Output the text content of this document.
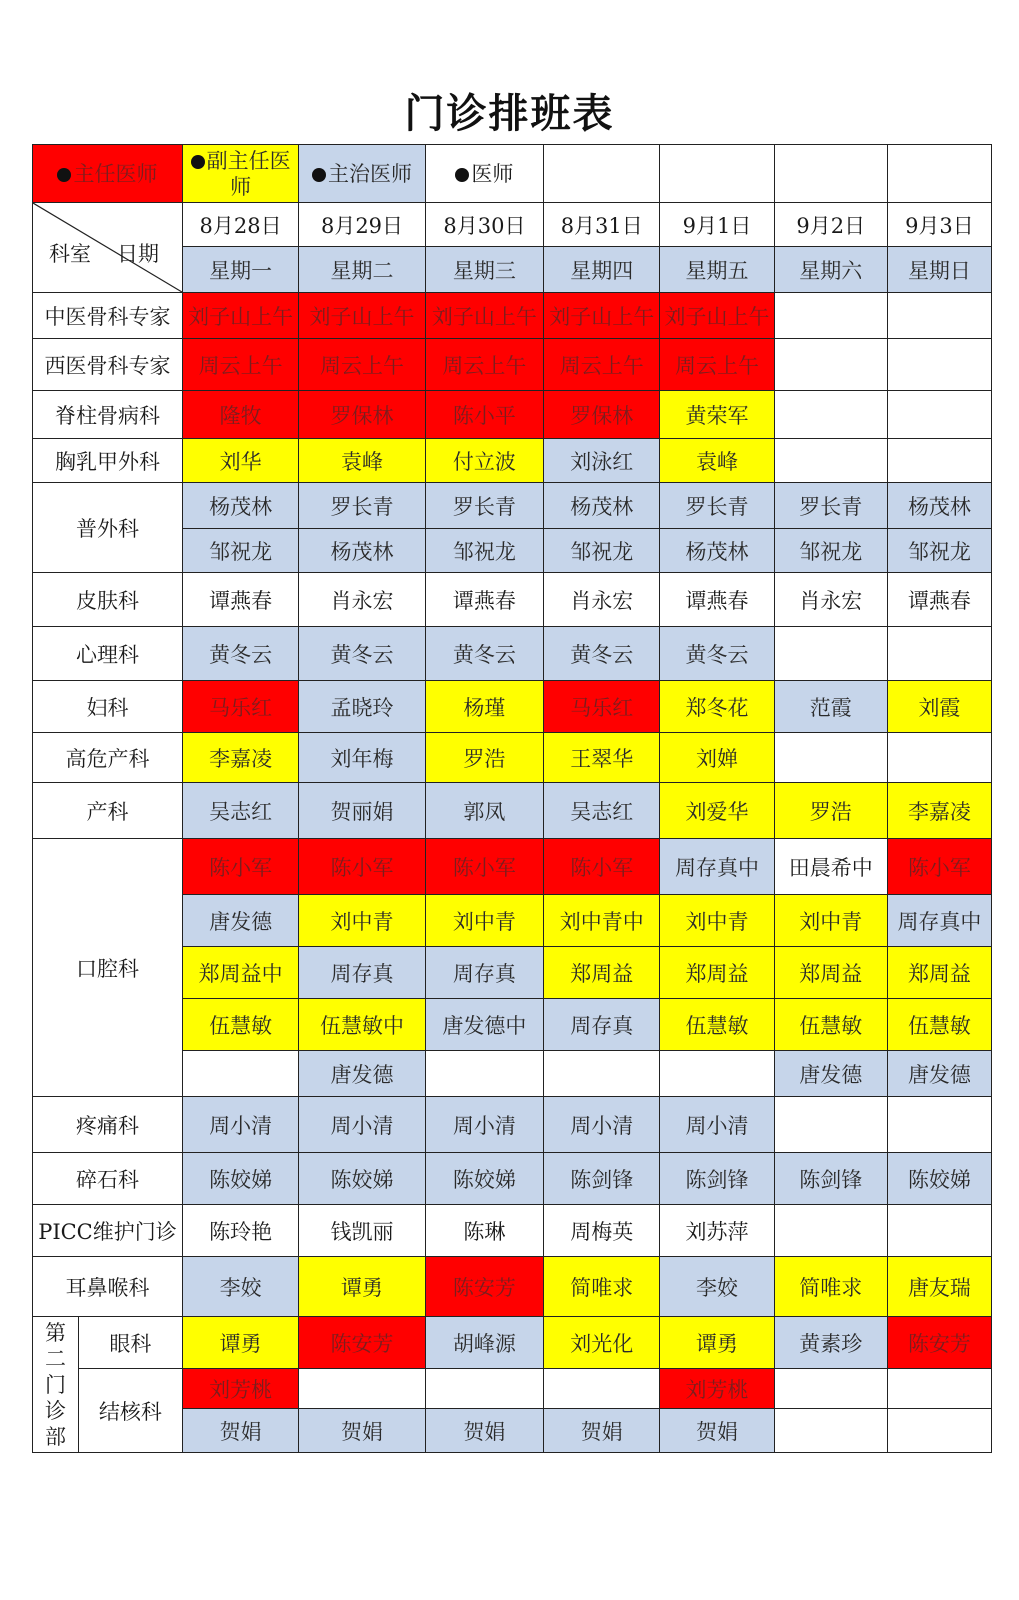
门诊排班表
主任医师		副主任医师	主治医师	医师				

科室 日期		8月28日	8月29日	8月30日	8月31日	9月1日	9月2日	9月3日
		星期一	星期二	星期三	星期四	星期五	星期六	星期日
中医骨科专家		刘子山上午	刘子山上午	刘子山上午	刘子山上午	刘子山上午		
西医骨科专家		周云上午	周云上午	周云上午	周云上午	周云上午		
脊柱骨病科		隆牧	罗保林	陈小平	罗保林	黄荣军		
胸乳甲外科		刘华	袁峰	付立波	刘泳红	袁峰		
普外科		杨茂林	罗长青	罗长青	杨茂林	罗长青	罗长青	杨茂林
		邹祝龙	杨茂林	邹祝龙	邹祝龙	杨茂林	邹祝龙	邹祝龙
皮肤科		谭燕春	肖永宏	谭燕春	肖永宏	谭燕春	肖永宏	谭燕春
心理科		黄冬云	黄冬云	黄冬云	黄冬云	黄冬云		
妇科		马乐红	孟晓玲	杨瑾	马乐红	郑冬花	范霞	刘霞
高危产科		李嘉凌	刘年梅	罗浩	王翠华	刘婵		
产科		吴志红	贺丽娟	郭凤	吴志红	刘爱华	罗浩	李嘉凌
口腔科		陈小军	陈小军	陈小军	陈小军	周存真中	田晨希中	陈小军
		唐发德	刘中青	刘中青	刘中青中	刘中青	刘中青	周存真中
		郑周益中	周存真	周存真	郑周益	郑周益	郑周益	郑周益
		伍慧敏	伍慧敏中	唐发德中	周存真	伍慧敏	伍慧敏	伍慧敏
			唐发德				唐发德	唐发德
疼痛科		周小清	周小清	周小清	周小清	周小清		
碎石科		陈姣娣	陈姣娣	陈姣娣	陈剑锋	陈剑锋	陈剑锋	陈姣娣
PICC维护门诊		陈玲艳	钱凯丽	陈琳	周梅英	刘苏萍		
耳鼻喉科		李姣	谭勇	陈安芳	简唯求	李姣	简唯求	唐友瑞

第
二
门
诊
部	眼科	谭勇	陈安芳	胡峰源	刘光化	谭勇	黄素珍	陈安芳
	结核科	刘芳桃				刘芳桃		
		贺娟	贺娟	贺娟	贺娟	贺娟		
